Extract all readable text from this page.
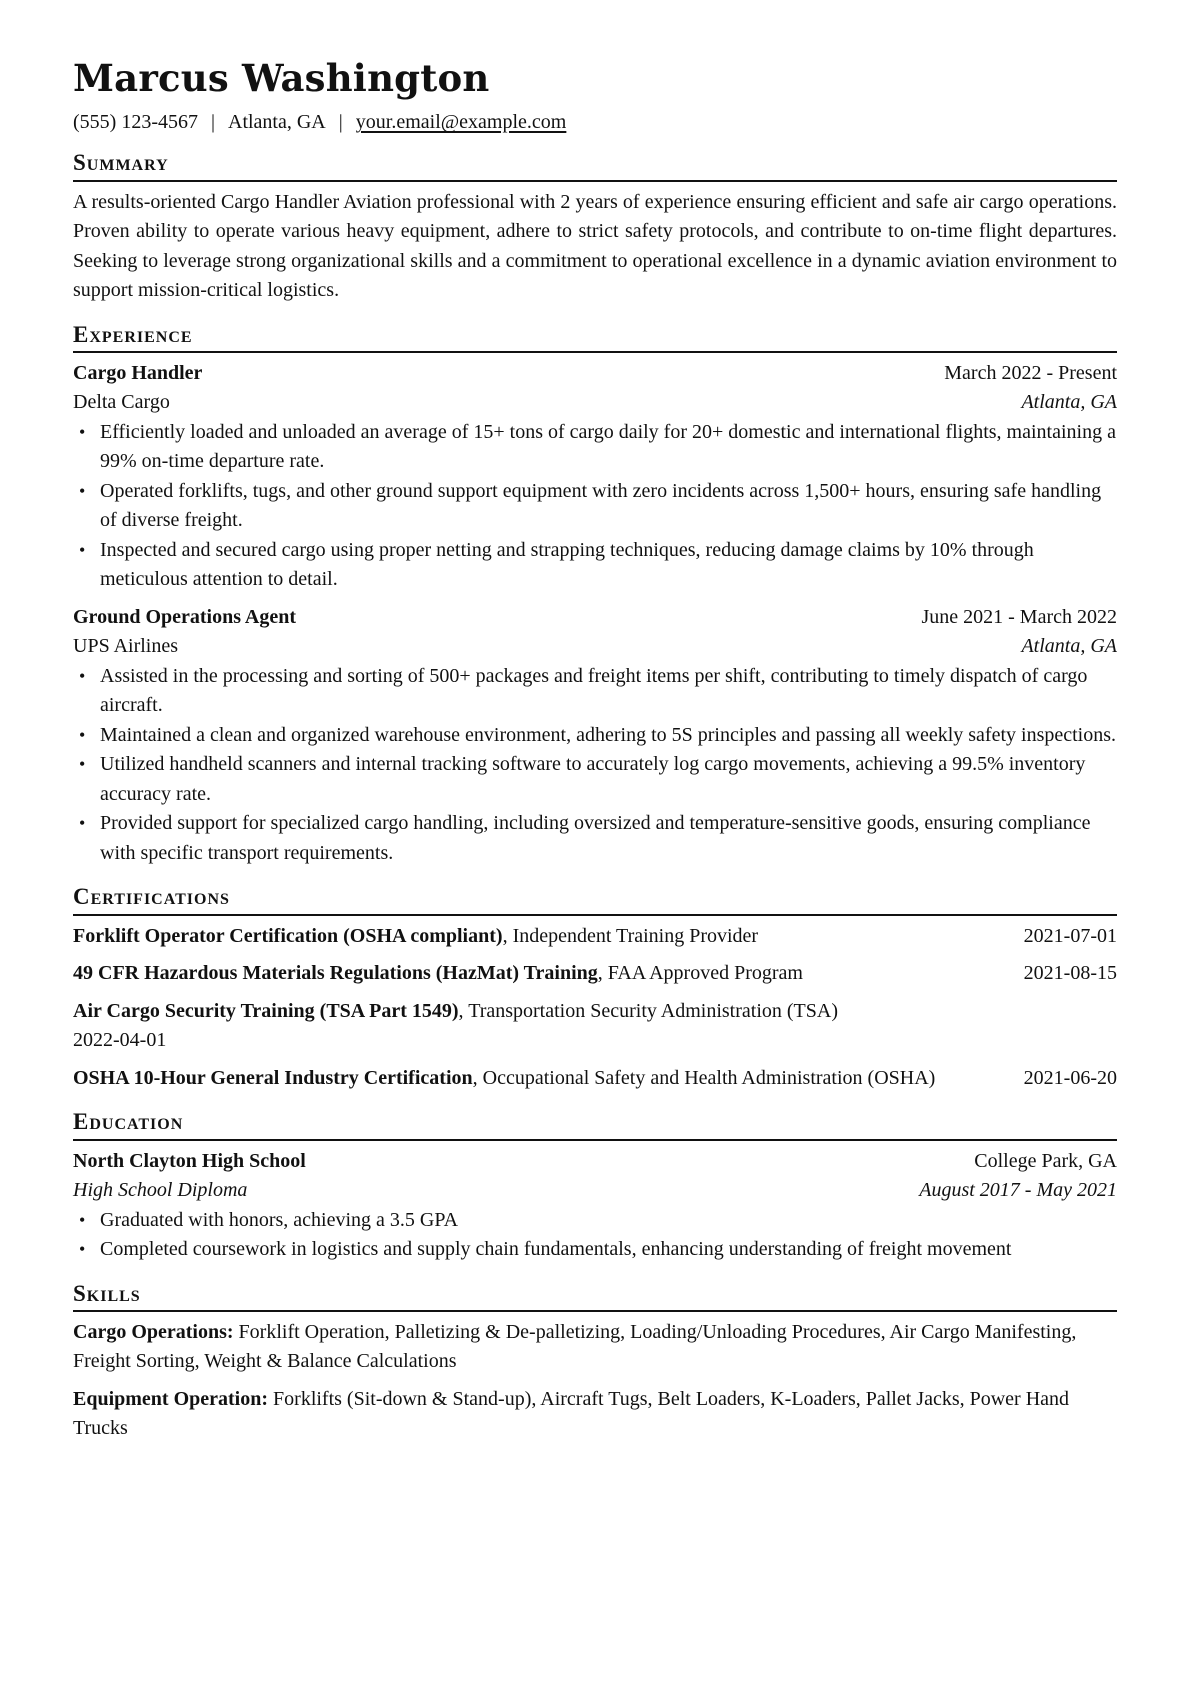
Marcus Washington
(555) 123-4567 | Atlanta, GA | your.email@example.com
Summary
A results-oriented Cargo Handler Aviation professional with 2 years of experience ensuring efficient and safe air cargo operations. Proven ability to operate various heavy equipment, adhere to strict safety protocols, and contribute to on-time flight departures. Seeking to leverage strong organizational skills and a commitment to operational excellence in a dynamic aviation environment to support mission-critical logistics.
Experience
Cargo Handler	March 2022 - Present
Delta Cargo	Atlanta, GA
• Efficiently loaded and unloaded an average of 15+ tons of cargo daily for 20+ domestic and international flights, maintaining a 99% on-time departure rate.
• Operated forklifts, tugs, and other ground support equipment with zero incidents across 1,500+ hours, ensuring safe handling of diverse freight.
• Inspected and secured cargo using proper netting and strapping techniques, reducing damage claims by 10% through meticulous attention to detail.
Ground Operations Agent	June 2021 - March 2022
UPS Airlines	Atlanta, GA
• Assisted in the processing and sorting of 500+ packages and freight items per shift, contributing to timely dispatch of cargo aircraft.
• Maintained a clean and organized warehouse environment, adhering to 5S principles and passing all weekly safety inspections.
• Utilized handheld scanners and internal tracking software to accurately log cargo movements, achieving a 99.5% inventory accuracy rate.
• Provided support for specialized cargo handling, including oversized and temperature-sensitive goods, ensuring compliance with specific transport requirements.
Certifications
Forklift Operator Certification (OSHA compliant), Independent Training Provider	2021-07-01
49 CFR Hazardous Materials Regulations (HazMat) Training, FAA Approved Program	2021-08-15
Air Cargo Security Training (TSA Part 1549), Transportation Security Administration (TSA)
2022-04-01
OSHA 10-Hour General Industry Certification, Occupational Safety and Health Administration (OSHA)	2021-06-20
Education
North Clayton High School	College Park, GA
High School Diploma	August 2017 - May 2021
• Graduated with honors, achieving a 3.5 GPA
• Completed coursework in logistics and supply chain fundamentals, enhancing understanding of freight movement
Skills
Cargo Operations: Forklift Operation, Palletizing & De-palletizing, Loading/Unloading Procedures, Air Cargo Manifesting, Freight Sorting, Weight & Balance Calculations
Equipment Operation: Forklifts (Sit-down & Stand-up), Aircraft Tugs, Belt Loaders, K-Loaders, Pallet Jacks, Power Hand Trucks
